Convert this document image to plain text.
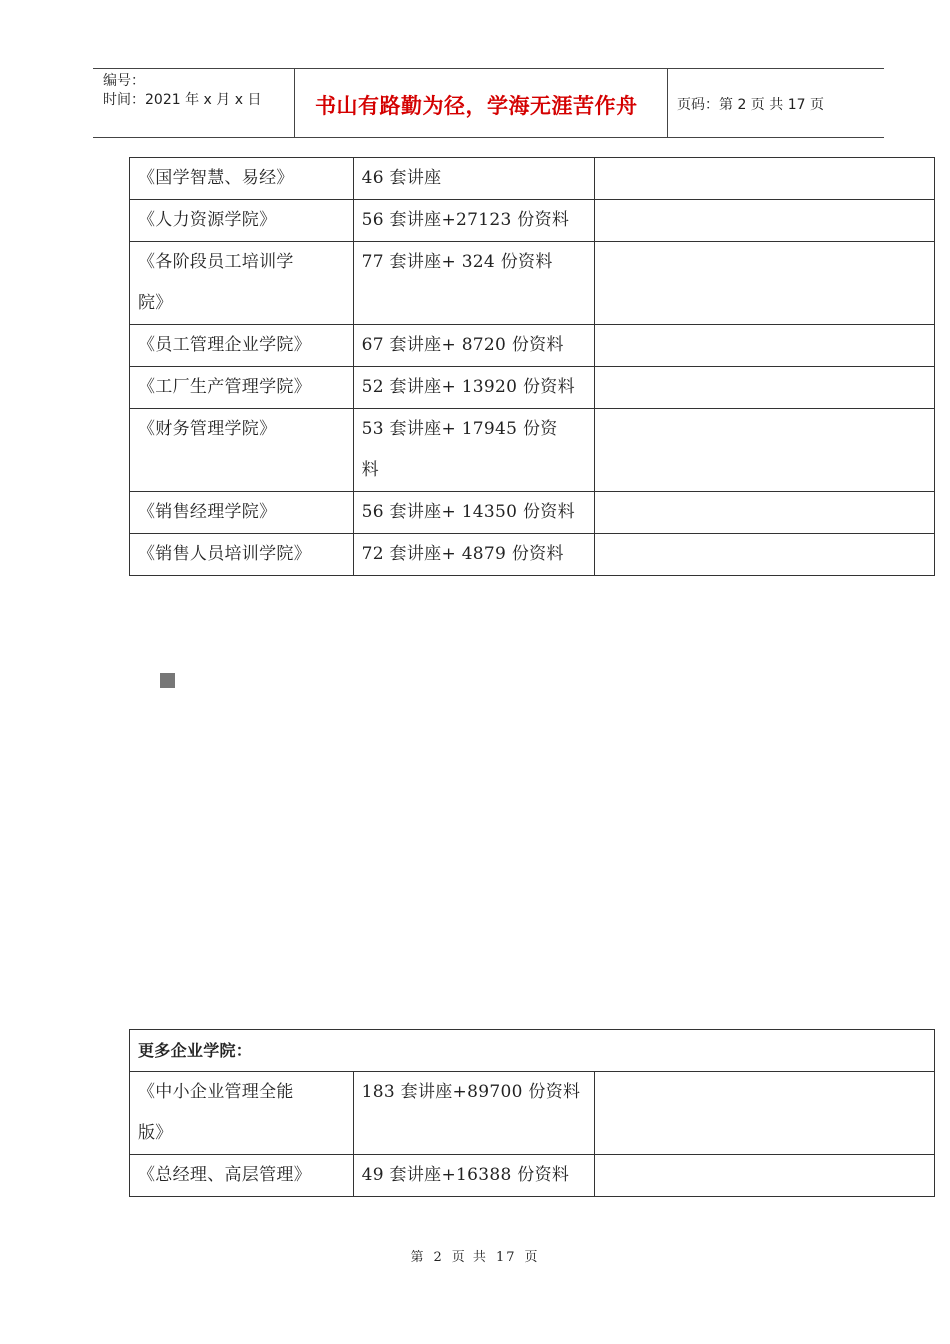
编号：
时间：2021 年 x 月 x 日	书山有路勤为径，学海无涯苦作舟	页码：第 2 页 共 17 页
《国学智慧、易经》	46 套讲座	
《人力资源学院》	56 套讲座+27123 份资料	

《各阶段员工培训学
院》	77 套讲座+ 324 份资料	
《员工管理企业学院》	67 套讲座+ 8720 份资料	
《工厂生产管理学院》	52 套讲座+ 13920 份资料	
《财务管理学院》	53 套讲座+ 17945 份资
料	

《销售经理学院》	56 套讲座+ 14350 份资料	
《销售人员培训学院》	72 套讲座+ 4879 份资料	
更多企业学院：		

《中小企业管理全能
版》	183 套讲座+89700 份资料	
《总经理、高层管理》	49 套讲座+16388 份资料	
第 2 页 共 17 页
